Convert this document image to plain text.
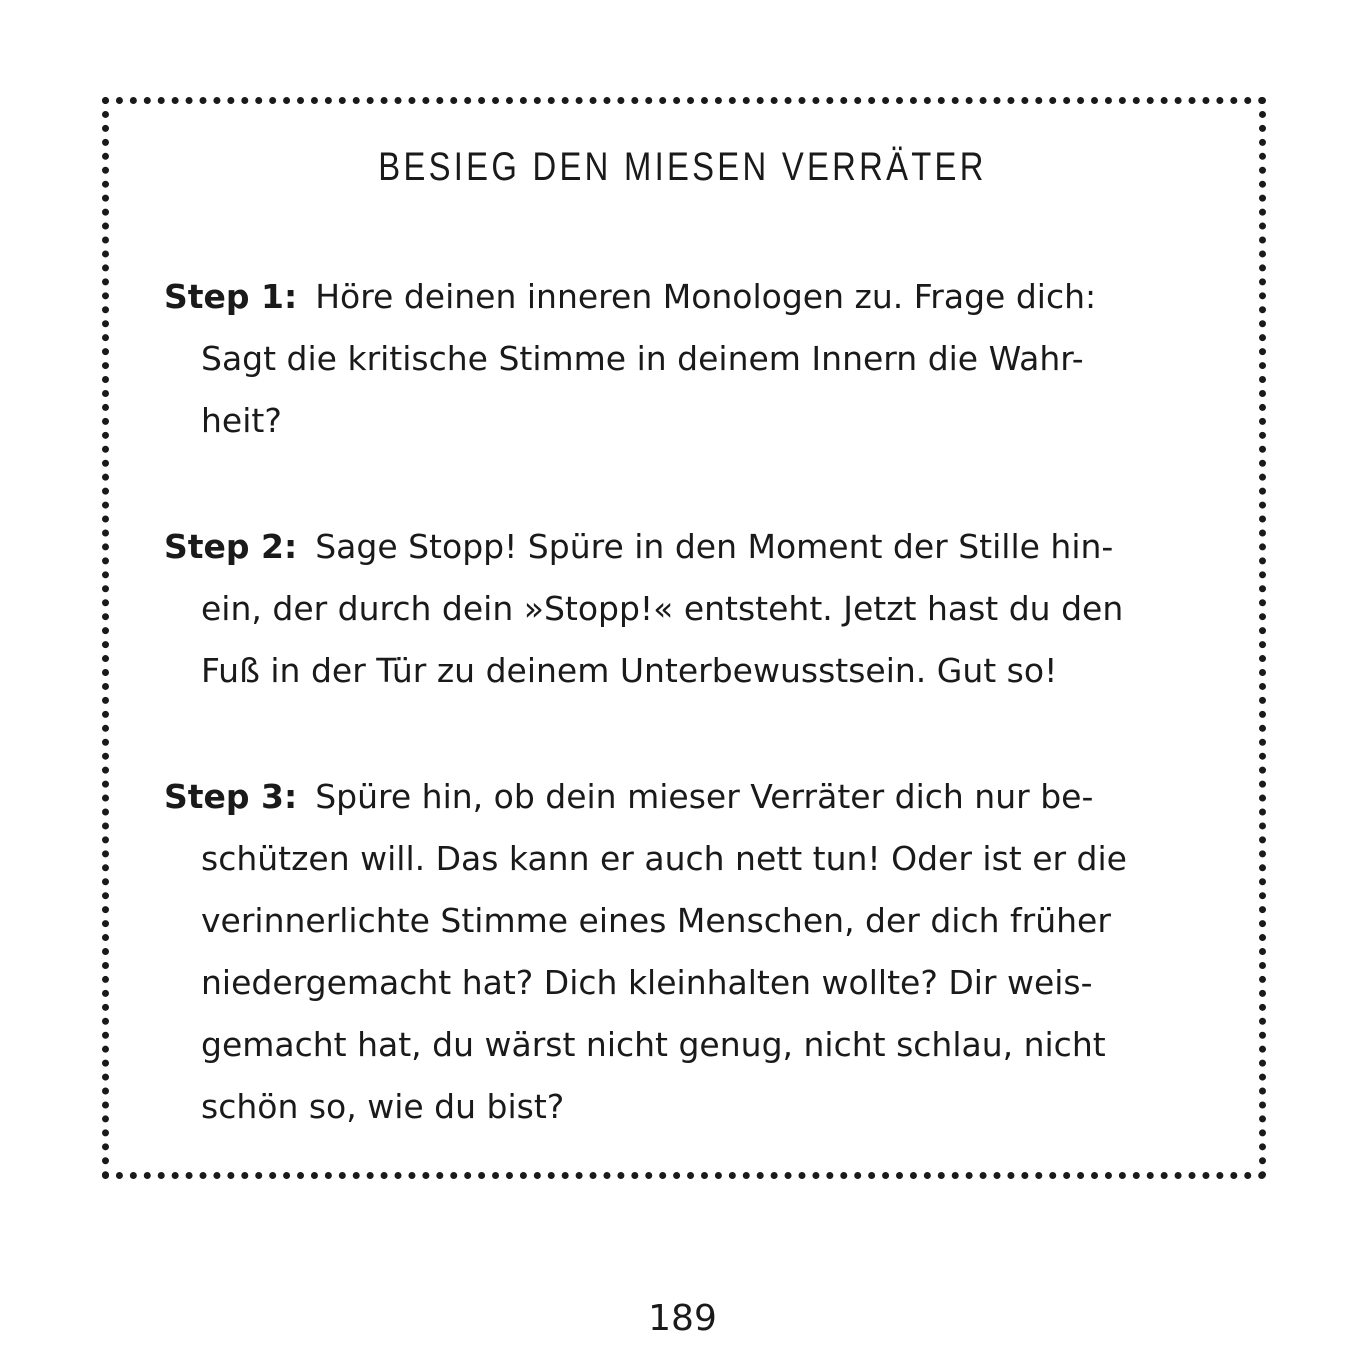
BESIEG DEN MIESEN VERRÄTER
Step 1: Höre deinen inneren Monologen zu. Frage dich:
Sagt die kritische Stimme in deinem Innern die Wahr-
heit?
Step 2: Sage Stopp! Spüre in den Moment der Stille hin-
ein, der durch dein »Stopp!« entsteht. Jetzt hast du den
Fuß in der Tür zu deinem Unterbewusstsein. Gut so!
Step 3: Spüre hin, ob dein mieser Verräter dich nur be-
schützen will. Das kann er auch nett tun! Oder ist er die
verinnerlichte Stimme eines Menschen, der dich früher
niedergemacht hat? Dich kleinhalten wollte? Dir weis-
gemacht hat, du wärst nicht genug, nicht schlau, nicht
schön so, wie du bist?
189
